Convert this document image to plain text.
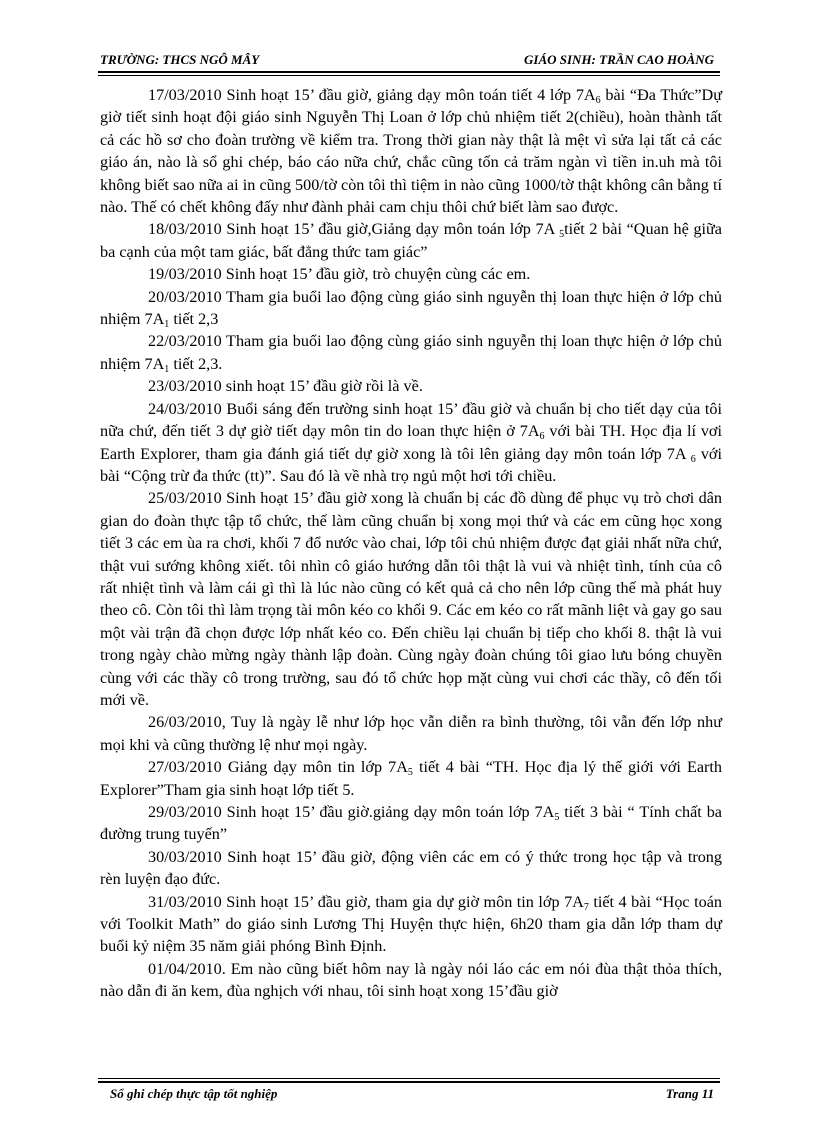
TRƯỜNG: THCS NGÔ MÂY	GIÁO SINH: TRẦN CAO HOÀNG

17/03/2010 Sinh hoạt 15’ đầu giờ, giảng dạy môn toán tiết 4 lớp $7A_6$ bài “Đa Thức”Dự giờ tiết sinh hoạt đội giáo sinh Nguyễn Thị Loan ở lớp chủ nhiệm tiết 2(chiều), hoàn thành tất cả các hồ sơ cho đoàn trường về kiểm tra. Trong thời gian này thật là mệt vì sửa lại tất cả các giáo án, nào là sổ ghi chép, báo cáo nữa chứ, chắc cũng tốn cả trăm ngàn vì tiền in.uh mà tôi không biết sao nữa ai in cũng 500/tờ còn tôi thì tiệm in nào cũng 1000/tờ thật không cân bằng tí nào. Thế có chết không đấy như đành phải cam chịu thôi chứ biết làm sao được.

18/03/2010 Sinh hoạt 15’ đầu giờ,Giảng dạy môn toán lớp 7A $_5$tiết 2 bài “Quan hệ giữa ba cạnh của một tam giác, bất đẳng thức tam giác”

19/03/2010 Sinh hoạt 15’ đầu giờ, trò chuyện cùng các em.

20/03/2010 Tham gia buổi lao động cùng giáo sinh nguyễn thị loan thực hiện ở lớp chủ nhiệm $7A_1$ tiết 2,3

22/03/2010 Tham gia buổi lao động cùng giáo sinh nguyễn thị loan thực hiện ở lớp chủ nhiệm $7A_1$ tiết 2,3.

23/03/2010 sinh hoạt 15’ đầu giờ rồi là về.

24/03/2010 Buổi sáng đến trường sinh hoạt 15’ đầu giờ và chuẩn bị cho tiết dạy của tôi nữa chứ, đến tiết 3 dự giờ tiết dạy môn tin do loan thực hiện ở $7A_6$ với bài TH. Học địa lí vơi Earth Explorer, tham gia đánh giá tiết dự giờ xong là tôi lên giảng dạy môn toán lớp 7A $_6$ với bài “Cộng trừ đa thức (tt)”. Sau đó là về nhà trọ ngủ một hơi tới chiều.

25/03/2010 Sinh hoạt 15’ đầu giờ xong là chuẩn bị các đồ dùng để phục vụ trò chơi dân gian do đoàn thực tập tổ chức, thế làm cũng chuẩn bị xong mọi thứ và các em cũng học xong tiết 3 các em ùa ra chơi, khối 7 đổ nước vào chai, lớp tôi chủ nhiệm được đạt giải nhất nữa chứ, thật vui sướng không xiết. tôi nhìn cô giáo hướng dẫn tôi thật là vui và nhiệt tình, tính của cô rất nhiệt tình và làm cái gì thì là lúc nào cũng có kết quả cả cho nên lớp cũng thế mà phát huy theo cô. Còn tôi thì làm trọng tài môn kéo co khối 9. Các em kéo co rất mãnh liệt và gay go sau một vài trận đã chọn được lớp nhất kéo co. Đến chiều lại chuẩn bị tiếp cho khối 8. thật là vui trong ngày chào mừng ngày thành lập đoàn. Cùng ngày đoàn chúng tôi giao lưu bóng chuyền cùng với các thầy cô trong trường, sau đó tổ chức họp mặt cùng vui chơi các thầy, cô đến tối mới về.

26/03/2010, Tuy là ngày lễ như lớp học vẫn diễn ra bình thường, tôi vẫn đến lớp như mọi khi và cũng thường lệ như mọi ngày.

27/03/2010 Giảng dạy môn tin lớp $7A_5$ tiết 4 bài “TH. Học địa lý thế giới với Earth Explorer”Tham gia sinh hoạt lớp tiết 5.

29/03/2010 Sinh hoạt 15’ đầu giờ.giảng dạy môn toán lớp $7A_5$ tiết 3 bài “ Tính chất ba đường trung tuyến”

30/03/2010 Sinh hoạt 15’ đầu giờ, động viên các em có ý thức trong học tập và trong rèn luyện đạo đức.

31/03/2010 Sinh hoạt 15’ đầu giờ, tham gia dự giờ môn tin lớp $7A_7$ tiết 4 bài “Học toán với Toolkit Math” do giáo sinh Lương Thị Huyện thực hiện, 6h20 tham gia dẫn lớp tham dự buổi kỷ niệm 35 năm giải phóng Bình Định.

01/04/2010. Em nào cũng biết hôm nay là ngày nói láo các em nói đùa thật thỏa thích, nào dẫn đi ăn kem, đùa nghịch với nhau, tôi sinh hoạt xong 15’đầu giờ

Sổ ghi chép thực tập tốt nghiệp	Trang 11
